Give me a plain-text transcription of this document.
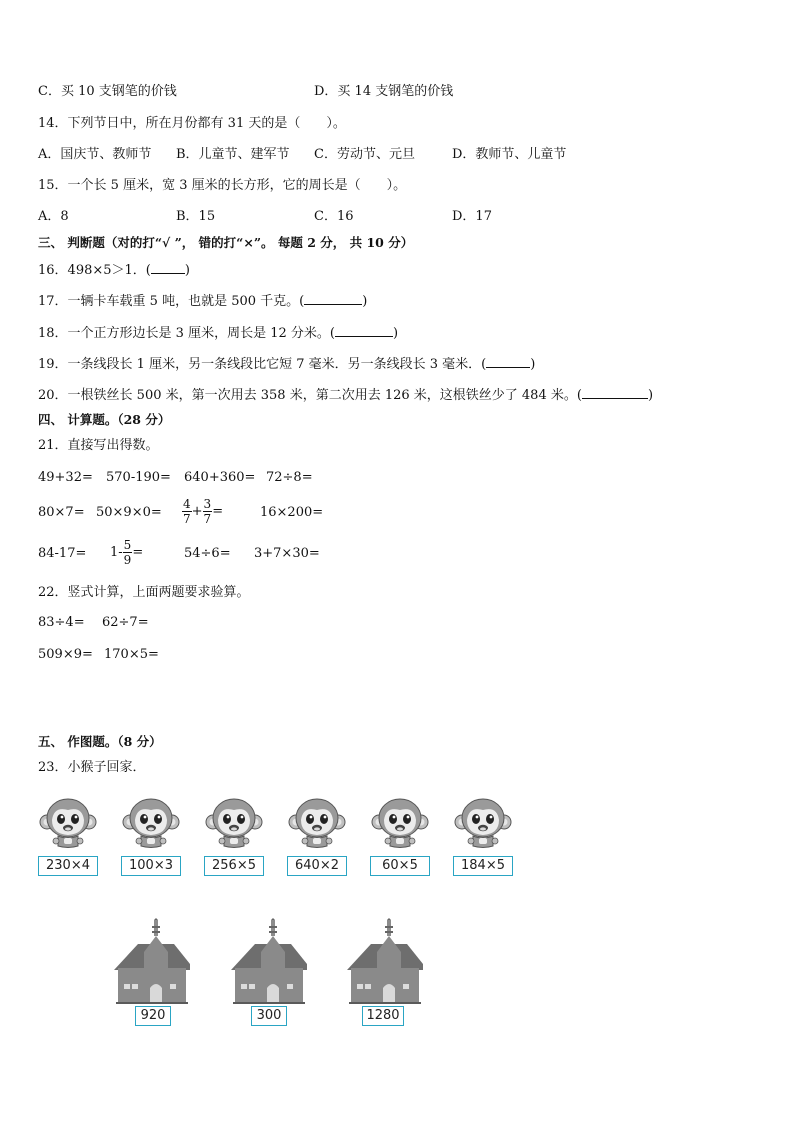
C．买 10 支钢笔的价钱	D．买 14 支钢笔的价钱
14．下列节日中，所在月份都有 31 天的是（　　）。
A．国庆节、教师节 B．儿童节、建军节 C．劳动节、元旦	D．教师节、儿童节
15．一个长 5 厘米，宽 3 厘米的长方形，它的周长是（　　）。
A．8	B．15	C．16	D．17
三、 判断题（对的打“√ ”， 错的打“×”。 每题 2 分， 共 10 分）
16．498×5＞1．(	)
17．一辆卡车载重 5 吨，也就是 500 千克。(	)
18．一个正方形边长是 3 厘米，周长是 12 分米。(	)
19．一条线段长 1 厘米，另一条线段比它短 7 毫米．另一条线段长 3 毫米．(	)
20．一根铁丝长 500 米，第一次用去 358 米，第二次用去 126 米，这根铁丝少了 484 米。(	)
四、 计算题。（28 分）
21．直接写出得数。
49+32= 570-190= 640+360= 72÷8=
$80\times 7= 50\times 9\times 0= \frac{4}{7} + \frac{3}{7}$ =	16×200=
$84-17= 1- \frac{5}{9}$ =	54÷6= 3+7×30=
22．竖式计算，上面两题要求验算。
83÷4= 62÷7=
509×9= 170×5=
五、 作图题。（8 分）
23．小猴子回家．
230×4	100×3	256×5	640×2	60×5	184×5
920	300	1280
